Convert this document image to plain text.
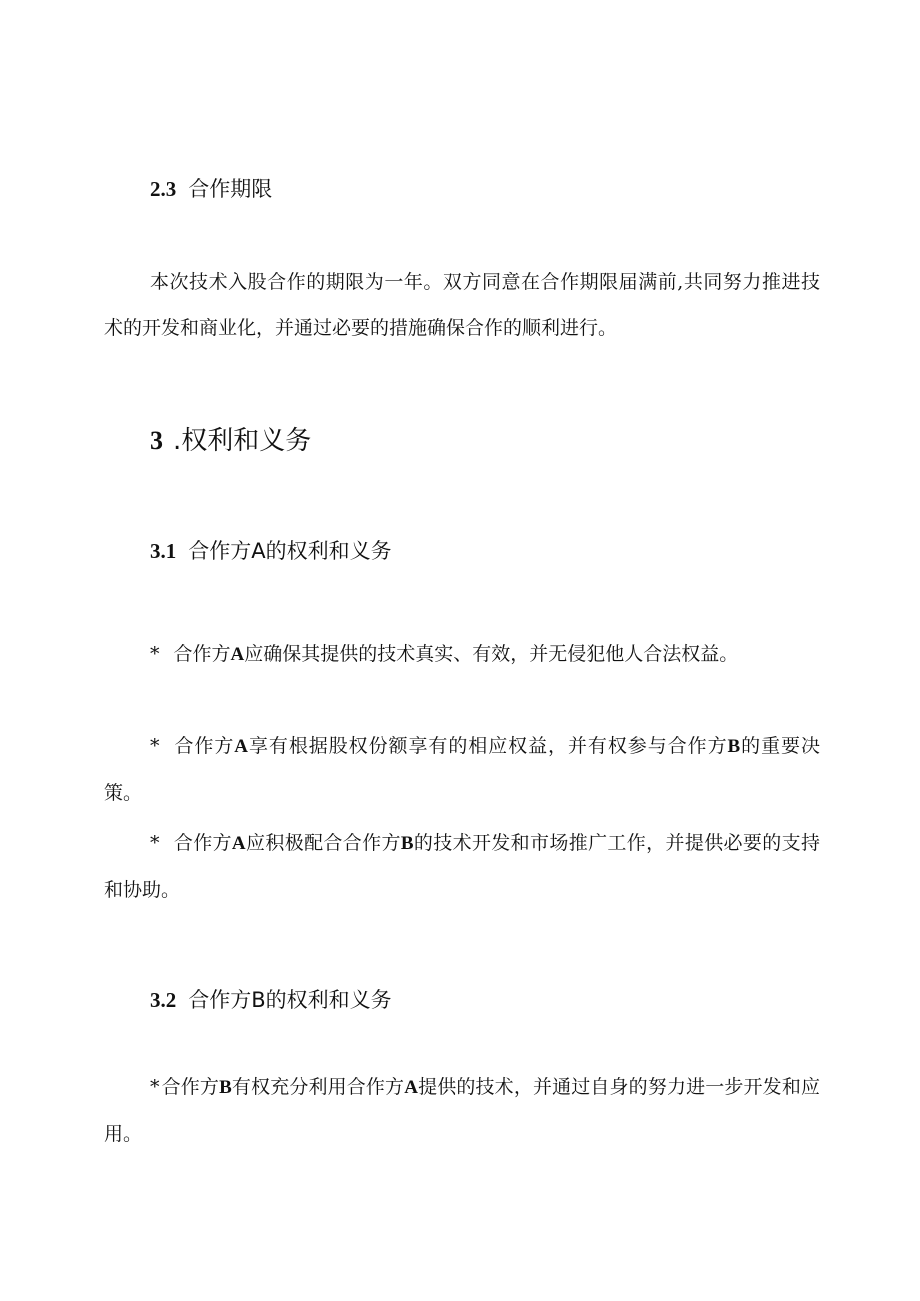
2.3 合作期限

本次技术入股合作的期限为一年。双方同意在合作期限届满前,共同努力推进技术的开发和商业化，并通过必要的措施确保合作的顺利进行。

3 .权利和义务
3.1 合作方A的权利和义务

* 合作方A应确保其提供的技术真实、有效，并无侵犯他人合法权益。

* 合作方A享有根据股权份额享有的相应权益，并有权参与合作方B的重要决策。

* 合作方A应积极配合合作方B的技术开发和市场推广工作，并提供必要的支持和协助。

3.2 合作方B的权利和义务

* 合作方B有权充分利用合作方A提供的技术，并通过自身的努力进一步开发和应用。
